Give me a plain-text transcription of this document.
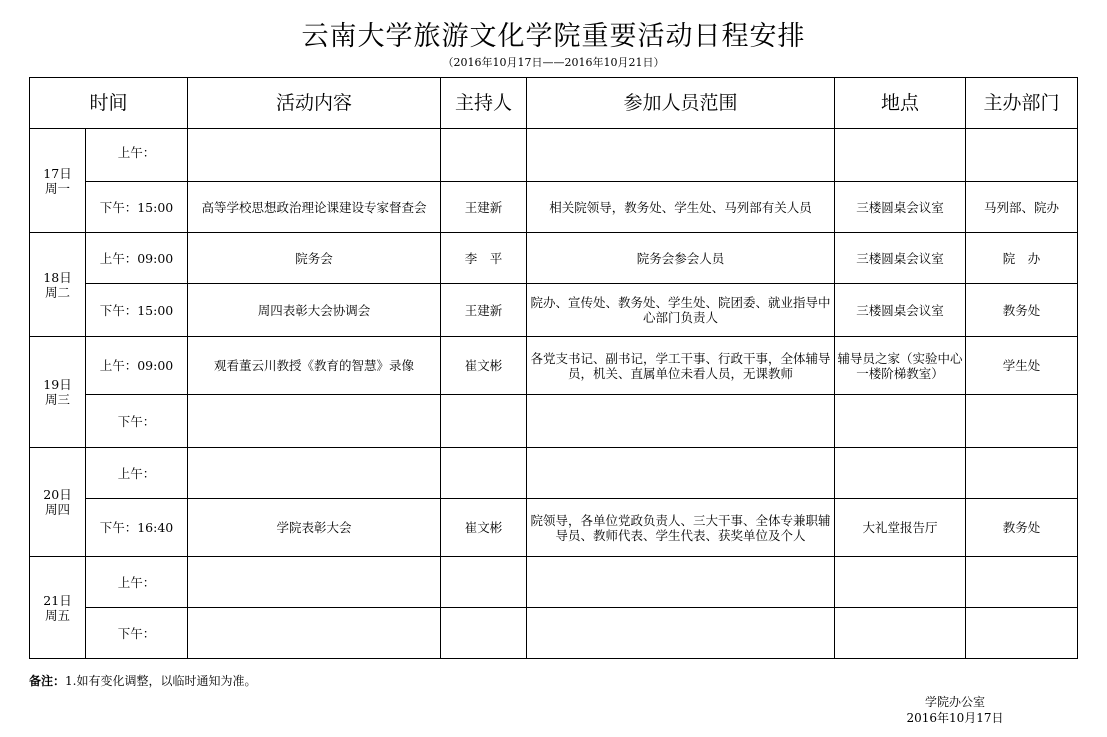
云南大学旅游文化学院重要活动日程安排
（2016年10月17日——2016年10月21日）
时间		活动内容	主持人	参加人员范围	地点	主办部门
17日
周一	上午：					
	下午：15:00	高等学校思想政治理论课建设专家督查会	王建新	相关院领导，教务处、学生处、马列部有关人员	三楼圆桌会议室	马列部、院办
18日
周二	上午：09:00	院务会	李　平	院务会参会人员	三楼圆桌会议室	院　办
	下午：15:00	周四表彰大会协调会	王建新	院办、宣传处、教务处、学生处、院团委、就业指导中心部门负责人	三楼圆桌会议室	教务处
19日
周三	上午：09:00	观看董云川教授《教育的智慧》录像	崔文彬	各党支书记、副书记，学工干事、行政干事，全体辅导员，机关、直属单位未看人员，无课教师	辅导员之家（实验中心一楼阶梯教室）	学生处
	下午：					
20日
周四	上午：					
	下午：16:40	学院表彰大会	崔文彬	院领导，各单位党政负责人、三大干事、全体专兼职辅导员、教师代表、学生代表、获奖单位及个人	大礼堂报告厅	教务处
21日
周五	上午：					
	下午：					
备注：1.如有变化调整，以临时通知为准。
学院办公室
2016年10月17日
